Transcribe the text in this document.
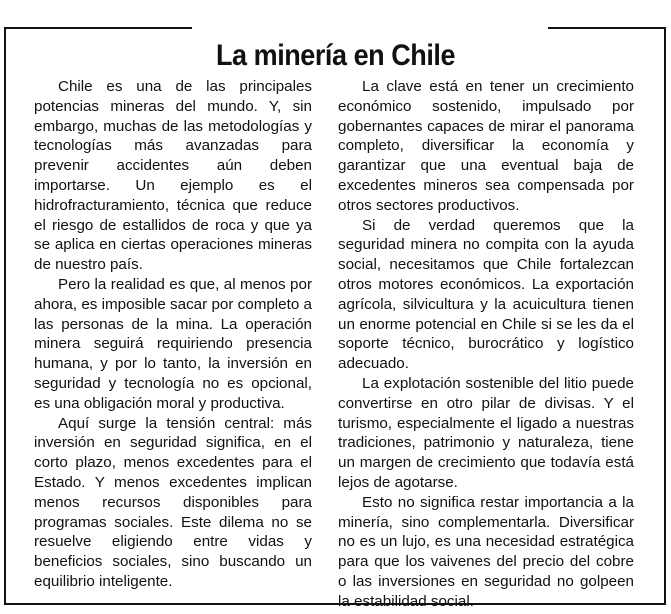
La minería en Chile

Chile es una de las principales potencias mineras del mundo. Y, sin embargo, muchas de las metodologías y tecnologías más avanzadas para prevenir accidentes aún deben importarse. Un ejemplo es el hidrofracturamiento, técnica que reduce el riesgo de estallidos de roca y que ya se aplica en ciertas operaciones mineras de nuestro país.

Pero la realidad es que, al menos por ahora, es imposible sacar por completo a las personas de la mina. La operación minera seguirá requiriendo presencia humana, y por lo tanto, la inversión en seguridad y tecnología no es opcional, es una obligación moral y productiva.

Aquí surge la tensión central: más inversión en seguridad significa, en el corto plazo, menos excedentes para el Estado. Y menos excedentes implican menos recursos disponibles para programas sociales. Este dilema no se resuelve eligiendo entre vidas y beneficios sociales, sino buscando un equilibrio inteligente.

La clave está en tener un crecimiento económico sostenido, impulsado por gobernantes capaces de mirar el panorama completo, diversificar la economía y garantizar que una eventual baja de excedentes mineros sea compensada por otros sectores productivos.

Si de verdad queremos que la seguridad minera no compita con la ayuda social, necesitamos que Chile fortalezcan otros motores económicos. La exportación agrícola, silvicultura y la acuicultura tienen un enorme potencial en Chile si se les da el soporte técnico, burocrático y logístico adecuado.

La explotación sostenible del litio puede convertirse en otro pilar de divisas. Y el turismo, especialmente el ligado a nuestras tradiciones, patrimonio y naturaleza, tiene un margen de crecimiento que todavía está lejos de agotarse.

Esto no significa restar importancia a la minería, sino complementarla. Diversificar no es un lujo, es una necesidad estratégica para que los vaivenes del precio del cobre o las inversiones en seguridad no golpeen la estabilidad social.
